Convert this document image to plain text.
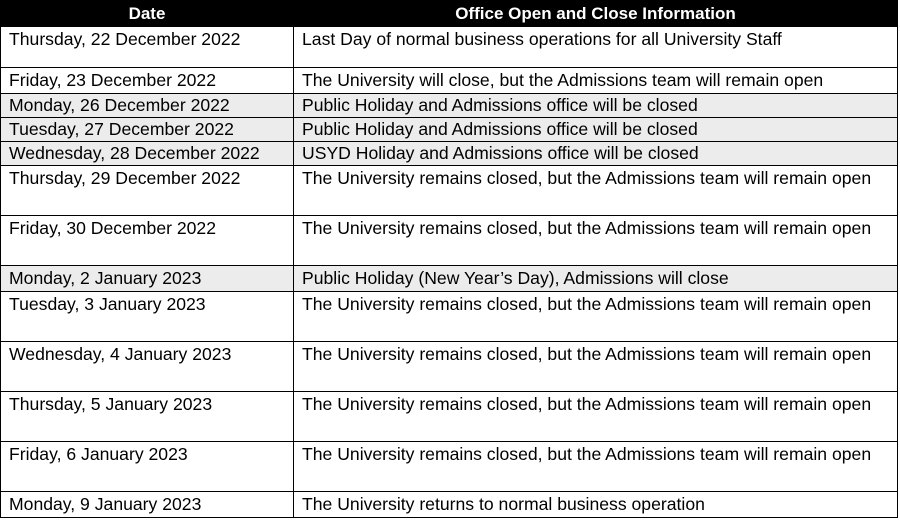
Date	Office Open and Close Information
Thursday, 22 December 2022	Last Day of normal business operations for all University Staff
Friday, 23 December 2022	The University will close, but the Admissions team will remain open
Monday, 26 December 2022	Public Holiday and Admissions office will be closed
Tuesday, 27 December 2022	Public Holiday and Admissions office will be closed
Wednesday, 28 December 2022	USYD Holiday and Admissions office will be closed
Thursday, 29 December 2022	The University remains closed, but the Admissions team will remain open
Friday, 30 December 2022	The University remains closed, but the Admissions team will remain open
Monday, 2 January 2023	Public Holiday (New Year’s Day), Admissions will close
Tuesday, 3 January 2023	The University remains closed, but the Admissions team will remain open
Wednesday, 4 January 2023	The University remains closed, but the Admissions team will remain open
Thursday, 5 January 2023	The University remains closed, but the Admissions team will remain open
Friday, 6 January 2023	The University remains closed, but the Admissions team will remain open
Monday, 9 January 2023	The University returns to normal business operation
